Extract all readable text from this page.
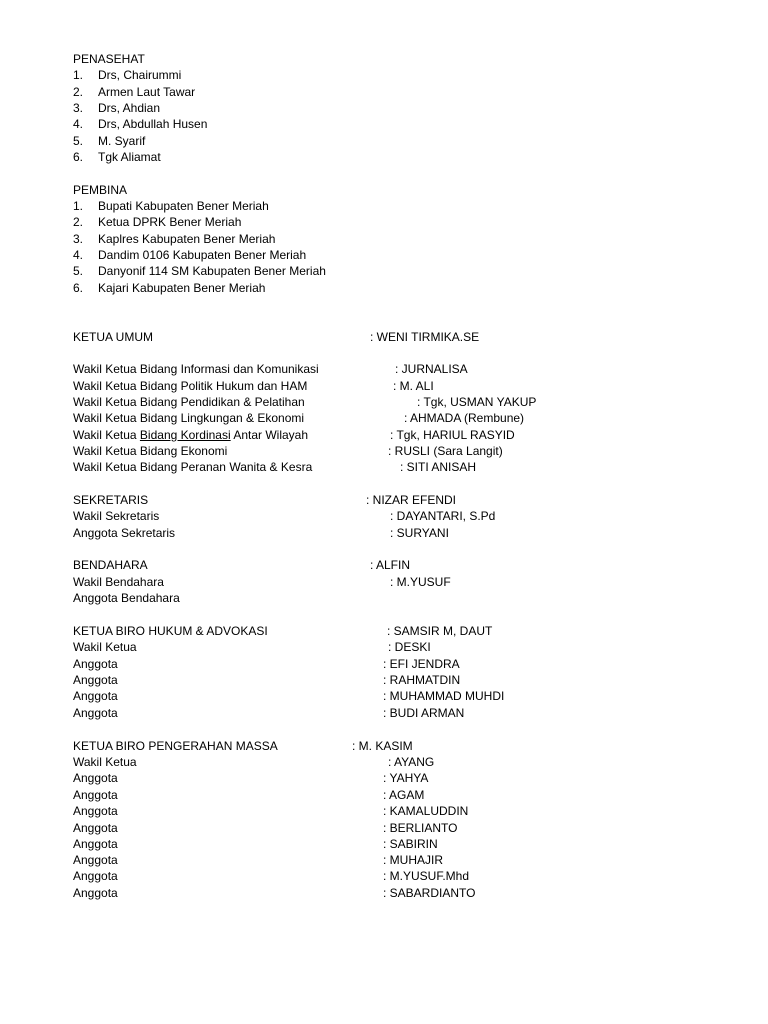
PENASEHAT
1. Drs, Chairummi
2. Armen Laut Tawar
3. Drs, Ahdian
4. Drs, Abdullah Husen
5. M. Syarif
6. Tgk Aliamat
PEMBINA
1. Bupati Kabupaten Bener Meriah
2. Ketua DPRK Bener Meriah
3. Kaplres Kabupaten Bener Meriah
4. Dandim 0106 Kabupaten Bener Meriah
5. Danyonif 114 SM Kabupaten Bener Meriah
6. Kajari Kabupaten Bener Meriah
KETUA UMUM	: WENI TIRMIKA.SE
Wakil Ketua Bidang Informasi dan Komunikasi	: JURNALISA
Wakil Ketua Bidang Politik Hukum dan HAM	: M. ALI
Wakil Ketua Bidang Pendidikan & Pelatihan	: Tgk, USMAN YAKUP
Wakil Ketua Bidang Lingkungan & Ekonomi	: AHMADA (Rembune)
Wakil Ketua Bidang Kordinasi Antar Wilayah	: Tgk, HARIUL RASYID
Wakil Ketua Bidang Ekonomi	: RUSLI (Sara Langit)
Wakil Ketua Bidang Peranan Wanita & Kesra	: SITI ANISAH
SEKRETARIS	: NIZAR EFENDI
Wakil Sekretaris	: DAYANTARI, S.Pd
Anggota Sekretaris	: SURYANI
BENDAHARA	: ALFIN
Wakil Bendahara	: M.YUSUF
Anggota Bendahara
KETUA BIRO HUKUM & ADVOKASI	: SAMSIR M, DAUT
Wakil Ketua	: DESKI
Anggota	: EFI JENDRA
Anggota	: RAHMATDIN
Anggota	: MUHAMMAD MUHDI
Anggota	: BUDI ARMAN
KETUA BIRO PENGERAHAN MASSA	: M. KASIM
Wakil Ketua	: AYANG
Anggota	: YAHYA
Anggota	: AGAM
Anggota	: KAMALUDDIN
Anggota	: BERLIANTO
Anggota	: SABIRIN
Anggota	: MUHAJIR
Anggota	: M.YUSUF.Mhd
Anggota	: SABARDIANTO
